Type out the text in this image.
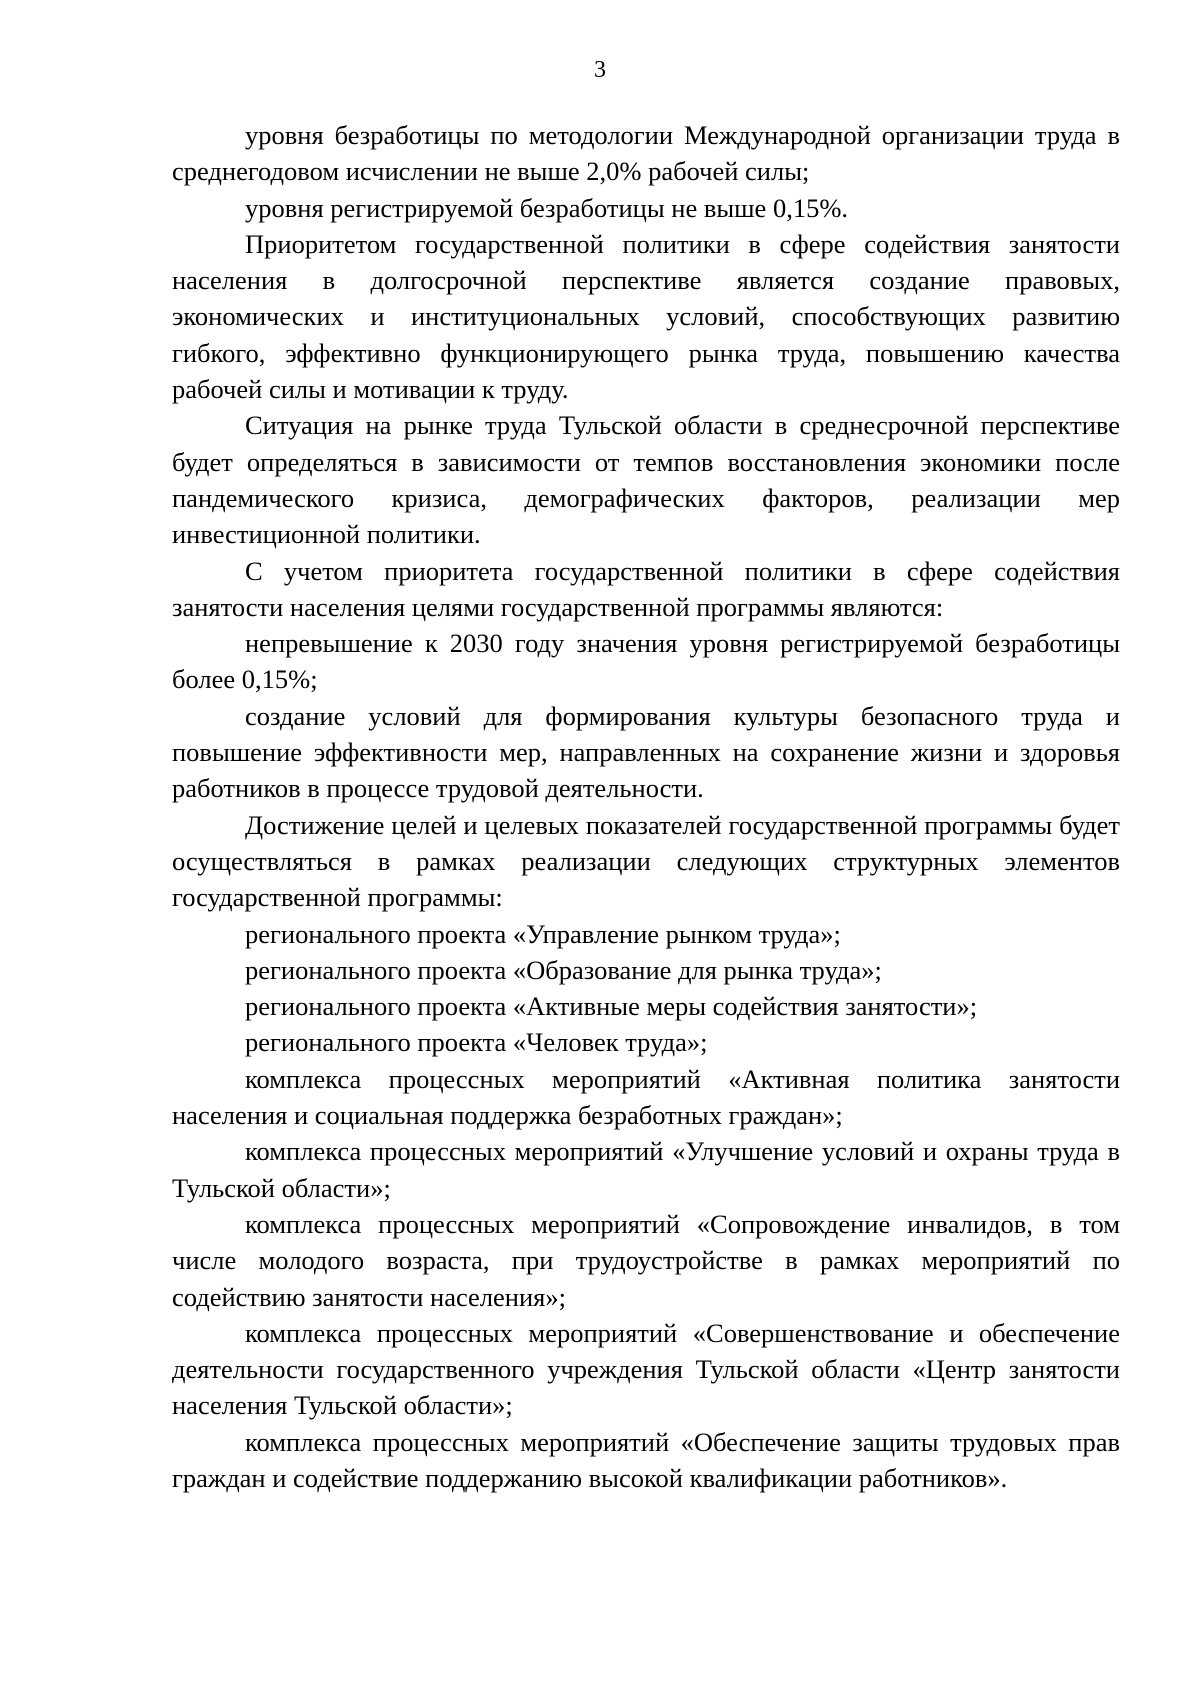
3

уровня безработицы по методологии Международной организации труда в среднегодовом исчислении не выше 2,0% рабочей силы;

уровня регистрируемой безработицы не выше 0,15%.

Приоритетом государственной политики в сфере содействия занятости населения в долгосрочной перспективе является создание правовых, экономических и институциональных условий, способствующих развитию гибкого, эффективно функционирующего рынка труда, повышению качества рабочей силы и мотивации к труду.

Ситуация на рынке труда Тульской области в среднесрочной перспективе будет определяться в зависимости от темпов восстановления экономики после пандемического кризиса, демографических факторов, реализации мер инвестиционной политики.

С учетом приоритета государственной политики в сфере содействия занятости населения целями государственной программы являются:

непревышение к 2030 году значения уровня регистрируемой безработицы более 0,15%;

создание условий для формирования культуры безопасного труда и повышение эффективности мер, направленных на сохранение жизни и здоровья работников в процессе трудовой деятельности.

Достижение целей и целевых показателей государственной программы будет осуществляться в рамках реализации следующих структурных элементов государственной программы:

регионального проекта «Управление рынком труда»;

регионального проекта «Образование для рынка труда»;

регионального проекта «Активные меры содействия занятости»;

регионального проекта «Человек труда»;

комплекса процессных мероприятий «Активная политика занятости населения и социальная поддержка безработных граждан»;

комплекса процессных мероприятий «Улучшение условий и охраны труда в Тульской области»;

комплекса процессных мероприятий «Сопровождение инвалидов, в том числе молодого возраста, при трудоустройстве в рамках мероприятий по содействию занятости населения»;

комплекса процессных мероприятий «Совершенствование и обеспечение деятельности государственного учреждения Тульской области «Центр занятости населения Тульской области»;

комплекса процессных мероприятий «Обеспечение защиты трудовых прав граждан и содействие поддержанию высокой квалификации работников».
